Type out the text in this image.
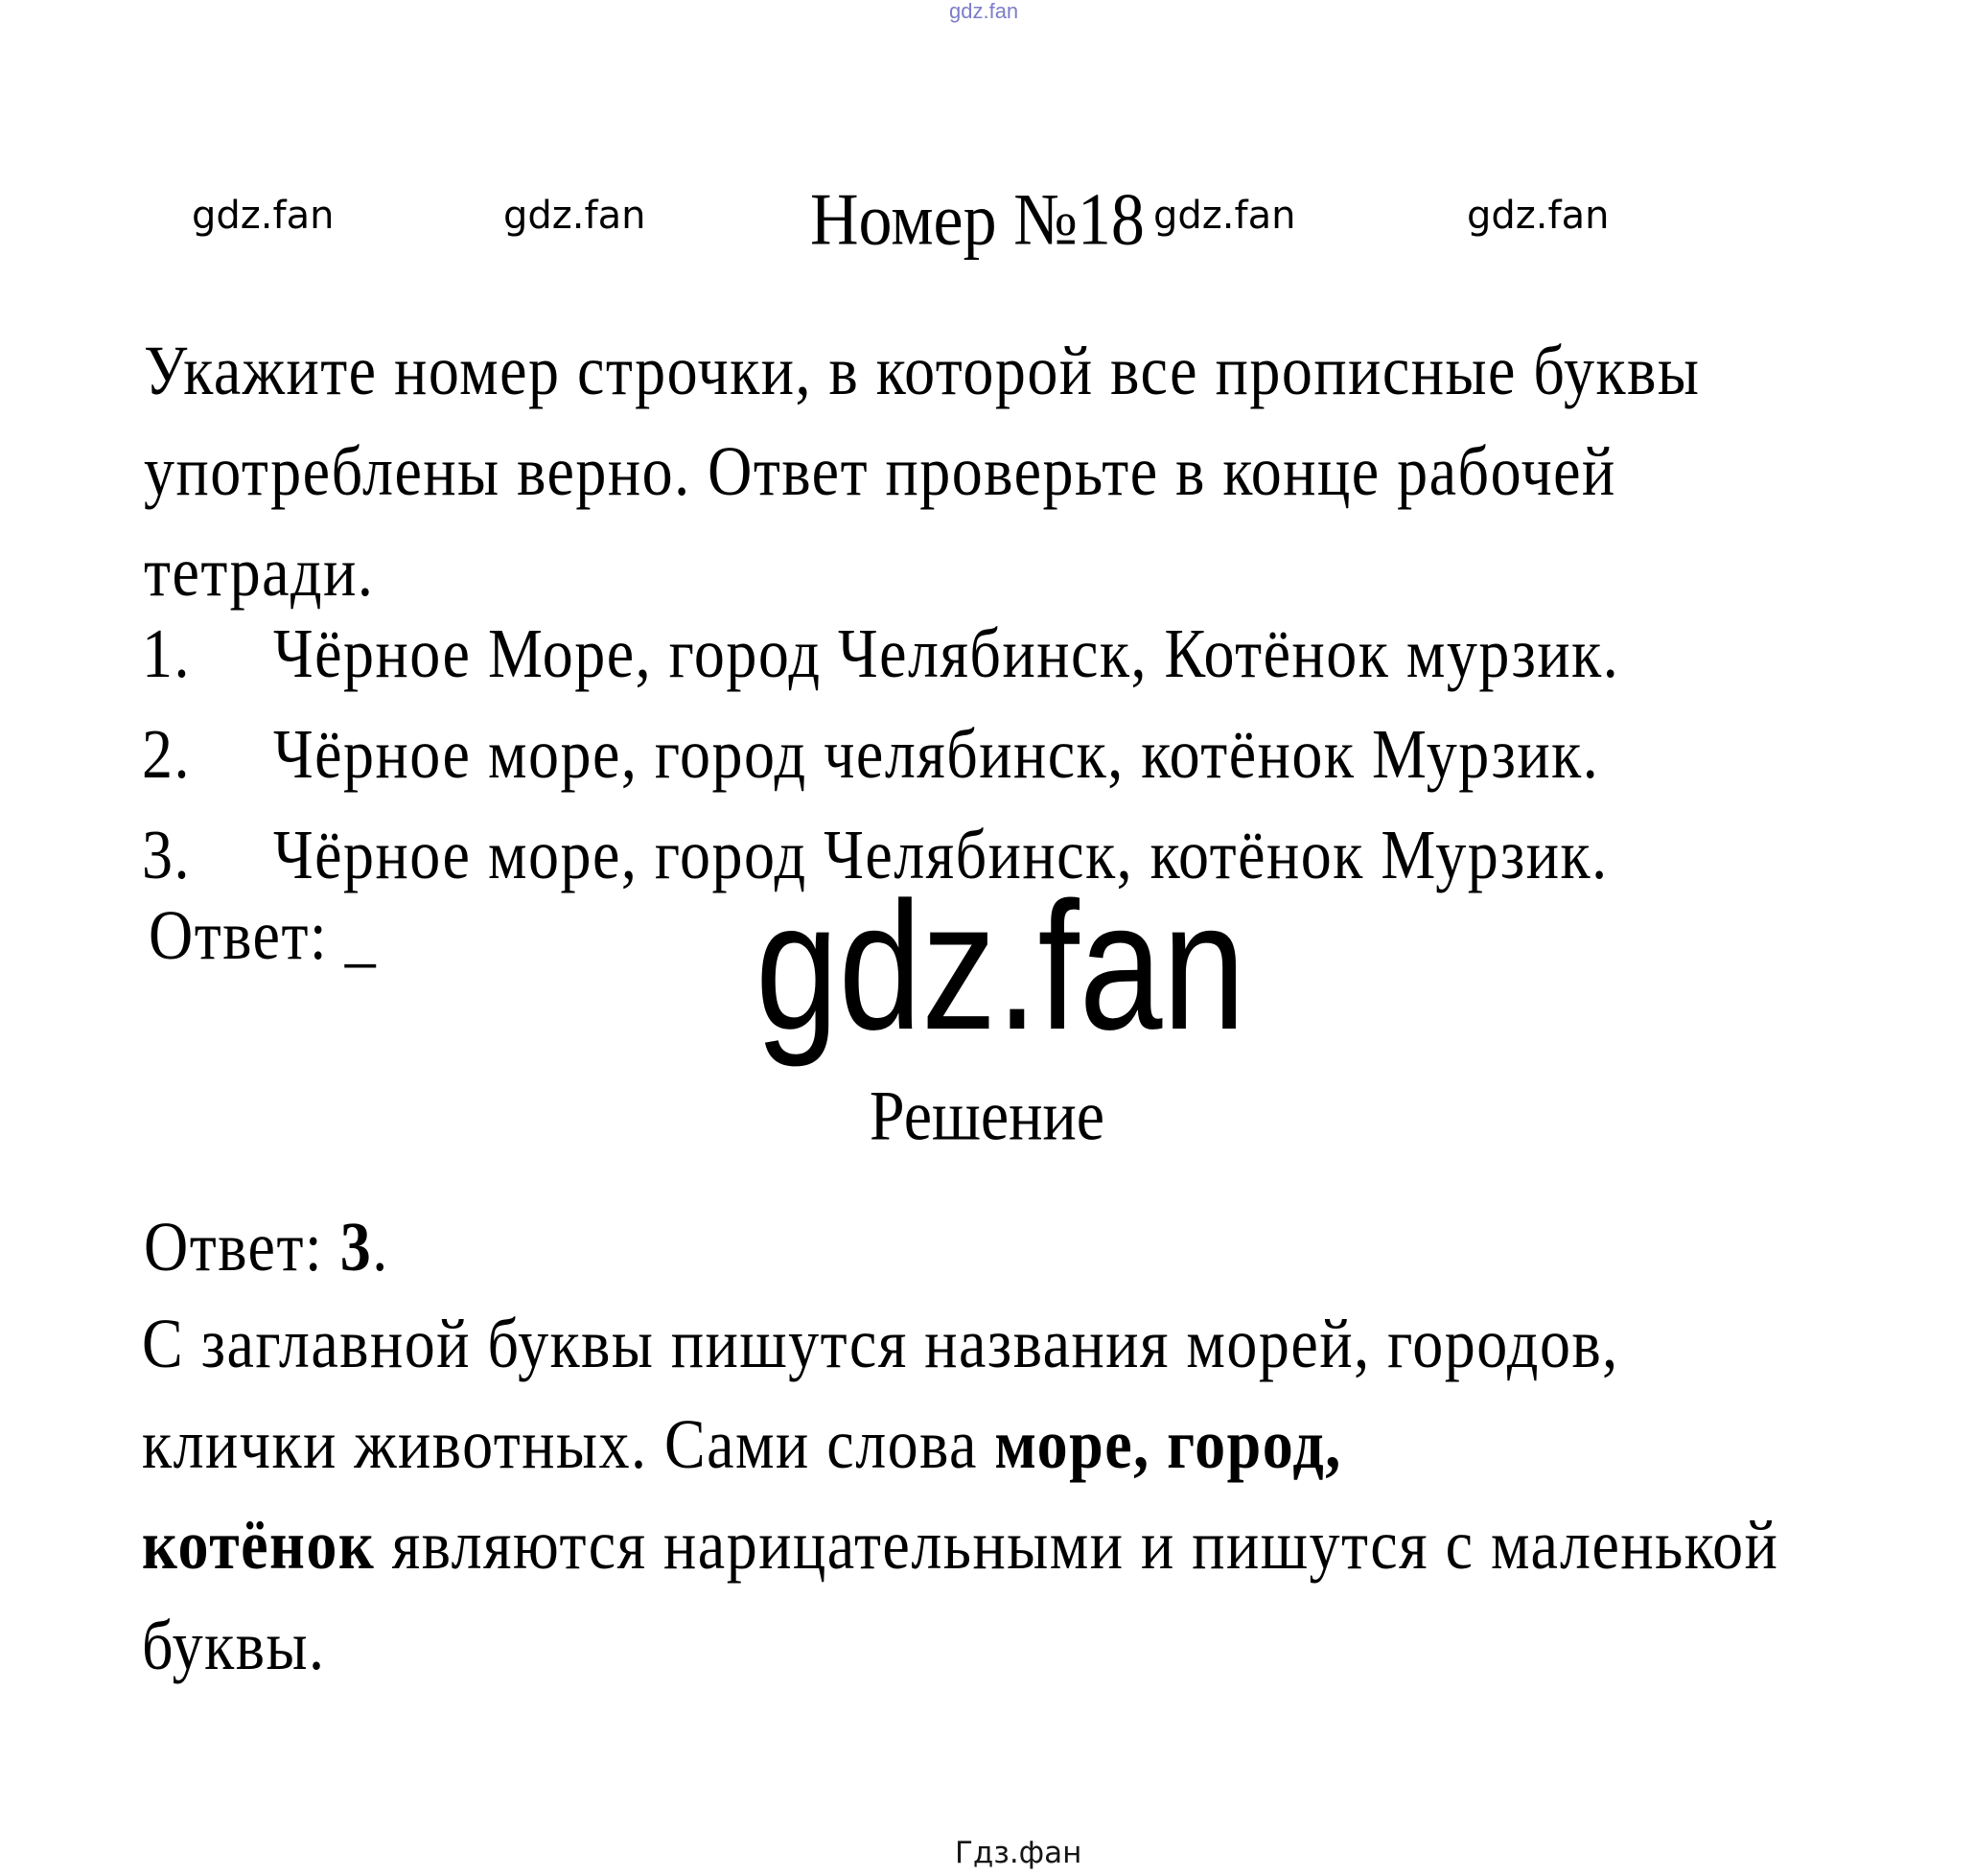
gdz.fan
gdz.fan	gdz.fan Номер №18 gdz.fan	gdz.fan
Укажите номер строчки, в которой все прописные буквы
употреблены верно. Ответ проверьте в конце рабочей
тетради.
1. Чёрное Море, город Челябинск, Котёнок мурзик.
2. Чёрное море, город челябинск, котёнок Мурзик.
3. Чёрное море, город Челябинск, котёнок Мурзик.
Ответ: _ gdz.fan
Решение
Ответ: 3.
С заглавной буквы пишутся названия морей, городов,
клички животных. Сами слова море, город,
котёнок являются нарицательными и пишутся с маленькой
буквы.
Гдз.фан
